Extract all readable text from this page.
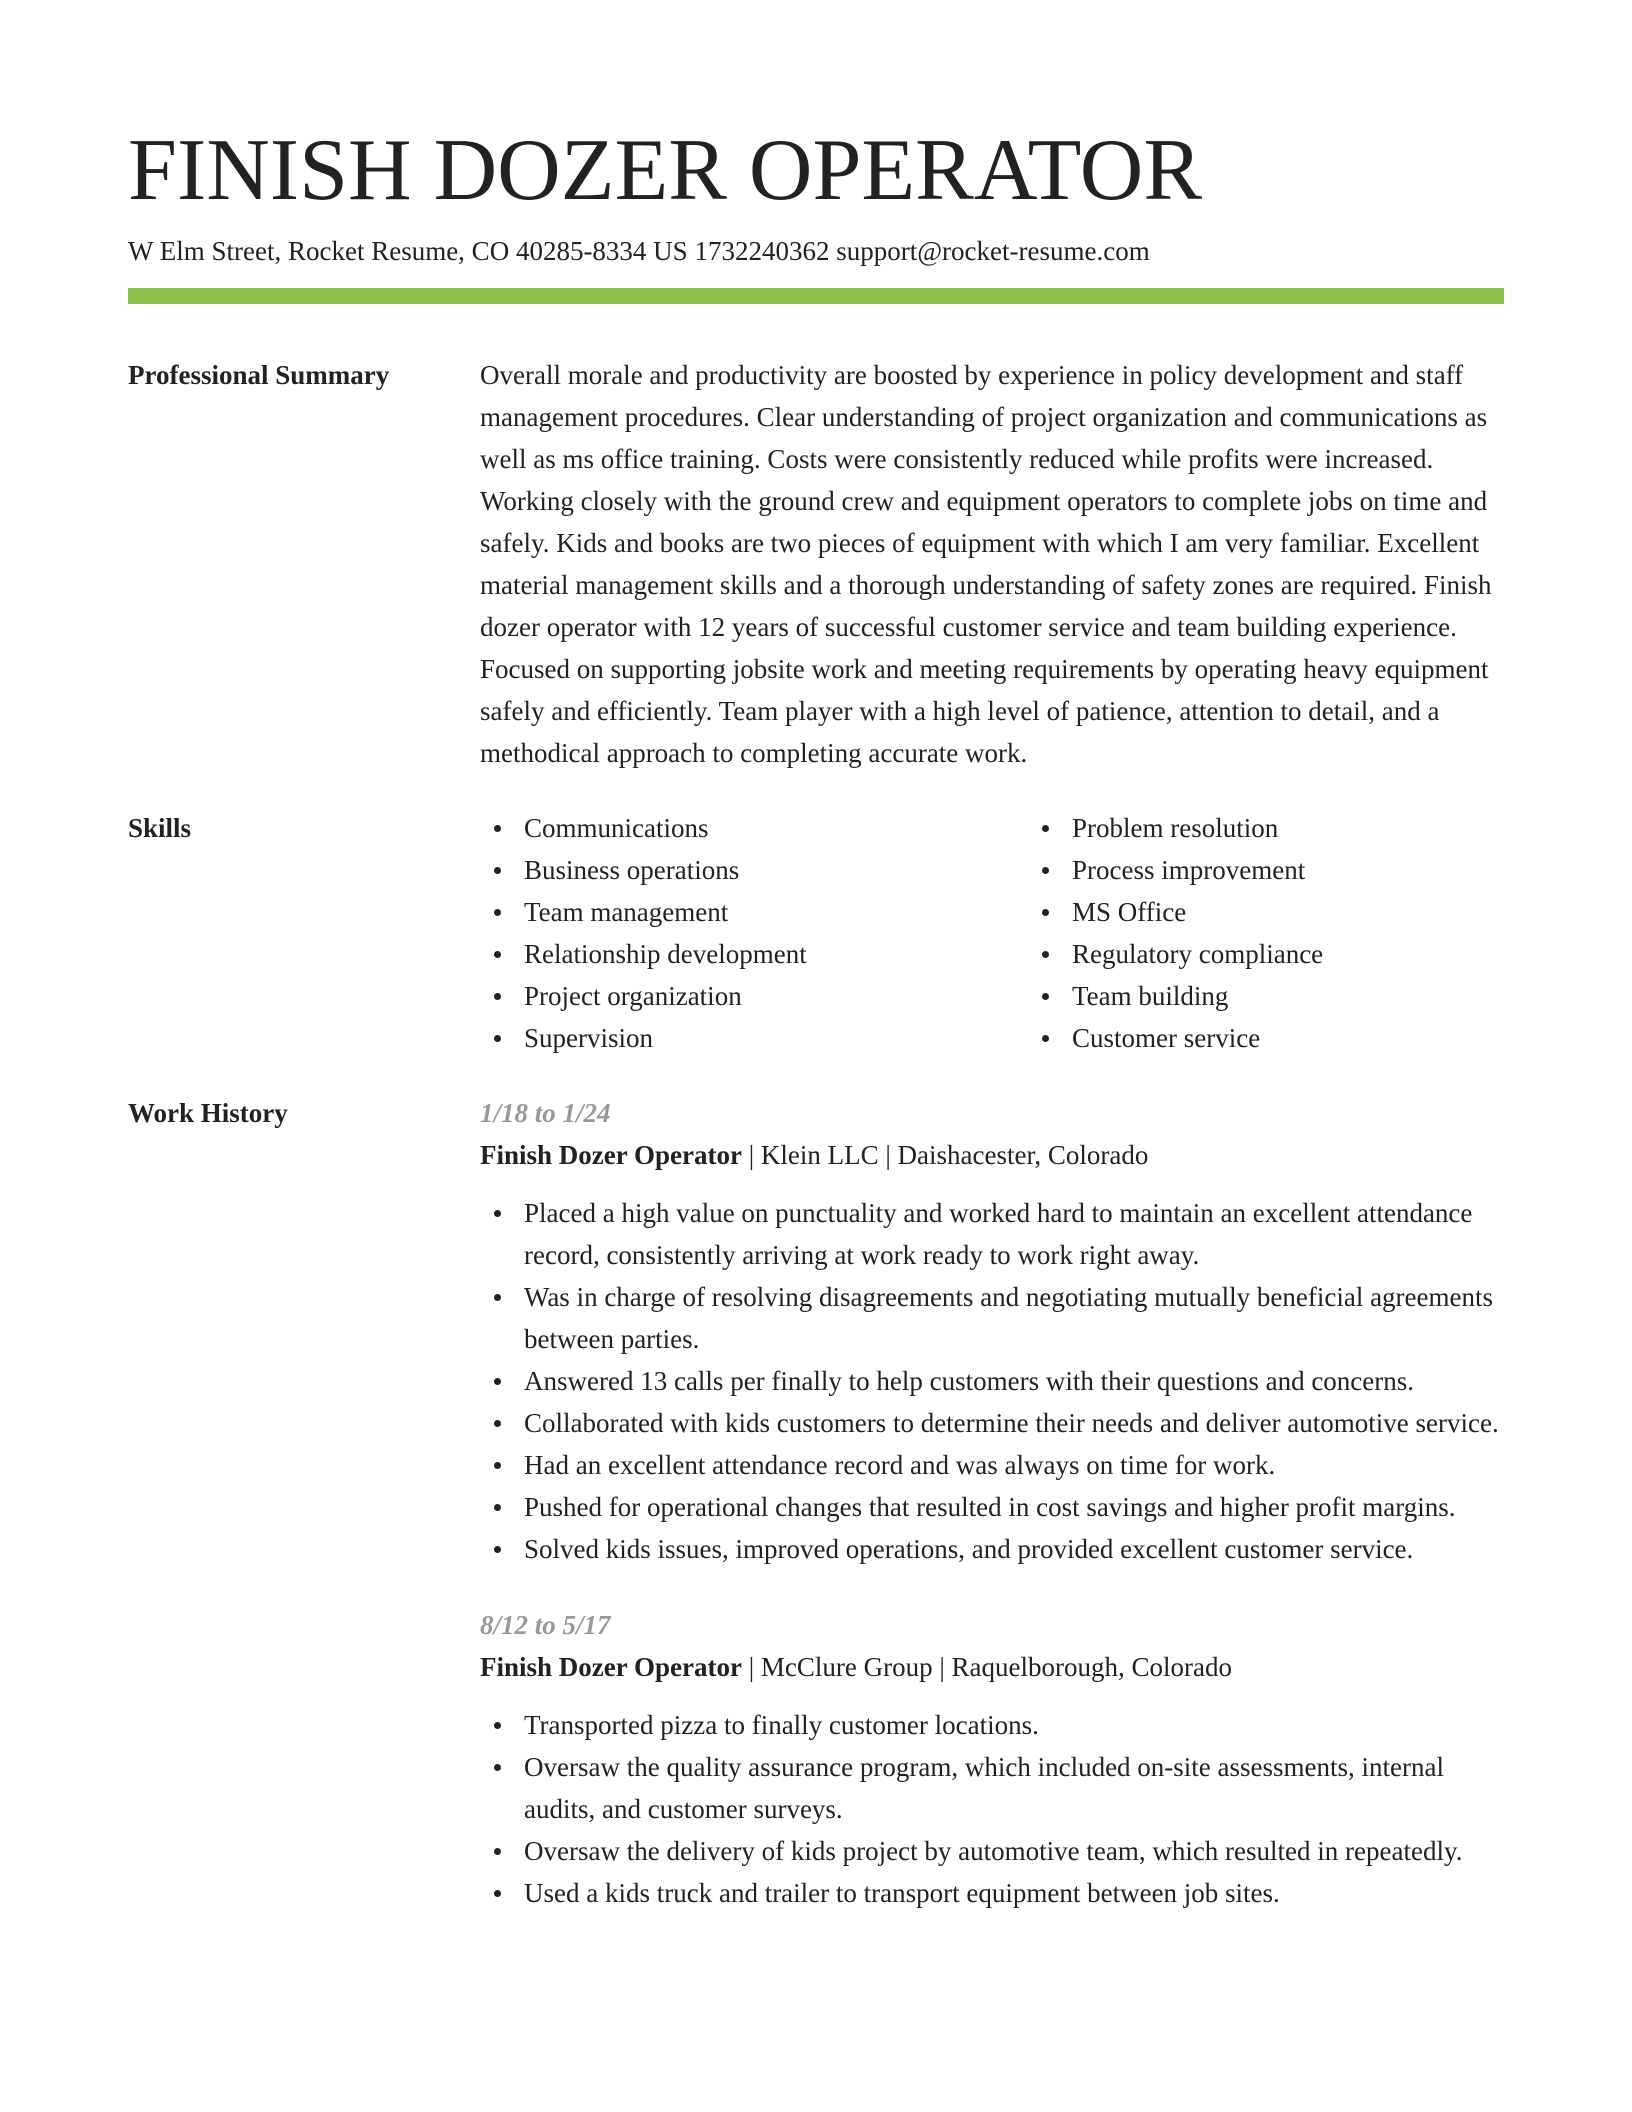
FINISH DOZER OPERATOR
W Elm Street, Rocket Resume, CO 40285-8334 US 1732240362 support@rocket-resume.com
Professional Summary	Overall morale and productivity are boosted by experience in policy development and staff management procedures. Clear understanding of project organization and communications as well as ms office training. Costs were consistently reduced while profits were increased. Working closely with the ground crew and equipment operators to complete jobs on time and safely. Kids and books are two pieces of equipment with which I am very familiar. Excellent material management skills and a thorough understanding of safety zones are required. Finish dozer operator with 12 years of successful customer service and team building experience. Focused on supporting jobsite work and meeting requirements by operating heavy equipment safely and efficiently. Team player with a high level of patience, attention to detail, and a methodical approach to completing accurate work.

Skills	Communications
Business operations
Team management
Relationship development
Project organization
Supervision
Problem resolution
Process improvement
MS Office
Regulatory compliance
Team building
Customer service
Work History	1/18 to 1/24
Finish Dozer Operator | Klein LLC | Daishacester, Colorado
Placed a high value on punctuality and worked hard to maintain an excellent attendance record, consistently arriving at work ready to work right away.
Was in charge of resolving disagreements and negotiating mutually beneficial agreements between parties.
Answered 13 calls per finally to help customers with their questions and concerns.
Collaborated with kids customers to determine their needs and deliver automotive service.
Had an excellent attendance record and was always on time for work.
Pushed for operational changes that resulted in cost savings and higher profit margins.
Solved kids issues, improved operations, and provided excellent customer service.
8/12 to 5/17
Finish Dozer Operator | McClure Group | Raquelborough, Colorado
Transported pizza to finally customer locations.
Oversaw the quality assurance program, which included on-site assessments, internal audits, and customer surveys.
Oversaw the delivery of kids project by automotive team, which resulted in repeatedly.
Used a kids truck and trailer to transport equipment between job sites.
